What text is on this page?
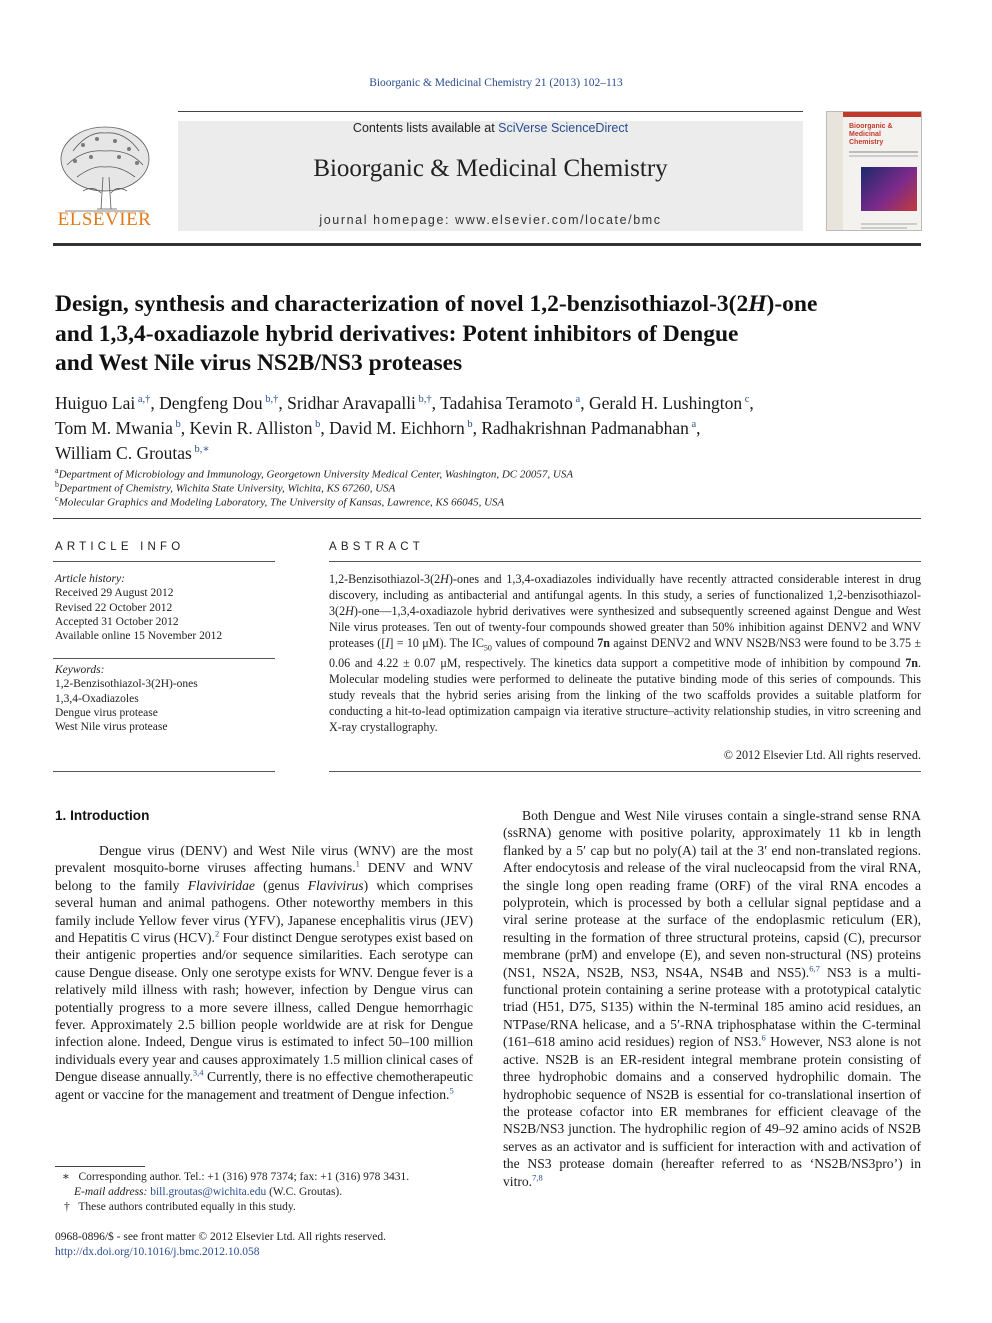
Bioorganic & Medicinal Chemistry 21 (2013) 102–113
ELSEVIER
Contents lists available at SciVerse ScienceDirect
Bioorganic & Medicinal Chemistry
journal homepage: www.elsevier.com/locate/bmc
Bioorganic & Medicinal
Chemistry
Design, synthesis and characterization of novel 1,2-benzisothiazol-3(2H)-one
and 1,3,4-oxadiazole hybrid derivatives: Potent inhibitors of Dengue
and West Nile virus NS2B/NS3 proteases
Huiguo Lai $^{a,\dagger}$, Dengfeng Dou $^{b,\dagger}$, Sridhar Aravapalli $^{b,\dagger}$, Tadahisa Teramoto $^a$, Gerald H. Lushington $^c$,
Tom M. Mwania $^b$, Kevin R. Alliston $^b$, David M. Eichhorn $^b$, Radhakrishnan Padmanabhan $^a$,
William C. Groutas $^{b,∗}$
$^a$Department of Microbiology and Immunology, Georgetown University Medical Center, Washington, DC 20057, USA
$^b$Department of Chemistry, Wichita State University, Wichita, KS 67260, USA
$^c$Molecular Graphics and Modeling Laboratory, The University of Kansas, Lawrence, KS 66045, USA
ARTICLE INFO
Article history:
Received 29 August 2012
Revised 22 October 2012
Accepted 31 October 2012
Available online 15 November 2012
Keywords:
1,2-Benzisothiazol-3(2H)-ones
1,3,4-Oxadiazoles
Dengue virus protease
West Nile virus protease
ABSTRACT
1,2-Benzisothiazol-3(2H)-ones and 1,3,4-oxadiazoles individually have recently attracted considerable interest in drug discovery, including as antibacterial and antifungal agents. In this study, a series of functionalized 1,2-benzisothiazol-3(2H)-one—1,3,4-oxadiazole hybrid derivatives were synthesized and subsequently screened against Dengue and West Nile virus proteases. Ten out of twenty-four compounds showed greater than 50% inhibition against DENV2 and WNV proteases ([I] = 10 μM). The $IC_{50}$ values of compound 7n against DENV2 and WNV NS2B/NS3 were found to be 3.75 ± 0.06 and 4.22 ± 0.07 μM, respectively. The kinetics data support a competitive mode of inhibition by compound 7n. Molecular modeling studies were performed to delineate the putative binding mode of this series of compounds. This study reveals that the hybrid series arising from the linking of the two scaffolds provides a suitable platform for conducting a hit-to-lead optimization campaign via iterative structure–activity relationship studies, in vitro screening and X-ray crystallography.
© 2012 Elsevier Ltd. All rights reserved.
1. Introduction
Dengue virus (DENV) and West Nile virus (WNV) are the most prevalent mosquito-borne viruses affecting humans.$^1$ DENV and WNV belong to the family Flaviviridae (genus Flavivirus) which comprises several human and animal pathogens. Other noteworthy members in this family include Yellow fever virus (YFV), Japanese encephalitis virus (JEV) and Hepatitis C virus (HCV).$^2$ Four distinct Dengue serotypes exist based on their antigenic properties and/or sequence similarities. Each serotype can cause Dengue disease. Only one serotype exists for WNV. Dengue fever is a relatively mild illness with rash; however, infection by Dengue virus can potentially progress to a more severe illness, called Dengue hemorrhagic fever. Approximately 2.5 billion people worldwide are at risk for Dengue infection alone. Indeed, Dengue virus is estimated to infect 50–100 million individuals every year and causes approximately 1.5 million clinical cases of Dengue disease annually.$^{3,4}$ Currently, there is no effective chemotherapeutic agent or vaccine for the management and treatment of Dengue infection.$^5$
Both Dengue and West Nile viruses contain a single-strand sense RNA (ssRNA) genome with positive polarity, approximately 11 kb in length flanked by a 5′ cap but no poly(A) tail at the 3′ end non-translated regions. After endocytosis and release of the viral nucleocapsid from the viral RNA, the single long open reading frame (ORF) of the viral RNA encodes a polyprotein, which is processed by both a cellular signal peptidase and a viral serine protease at the surface of the endoplasmic reticulum (ER), resulting in the formation of three structural proteins, capsid (C), precursor membrane (prM) and envelope (E), and seven non-structural (NS) proteins (NS1, NS2A, NS2B, NS3, NS4A, NS4B and NS5).$^{6,7}$ NS3 is a multi-functional protein containing a serine protease with a prototypical catalytic triad (H51, D75, S135) within the N-terminal 185 amino acid residues, an NTPase/RNA helicase, and a 5′-RNA triphosphatase within the C-terminal (161–618 amino acid residues) region of NS3.$^6$ However, NS3 alone is not active. NS2B is an ER-resident integral membrane protein consisting of three hydrophobic domains and a conserved hydrophilic domain. The hydrophobic sequence of NS2B is essential for co-translational insertion of the protease cofactor into ER membranes for efficient cleavage of the NS2B/NS3 junction. The hydrophilic region of 49–92 amino acids of NS2B serves as an activator and is sufficient for interaction with and activation of the NS3 protease domain (hereafter referred to as ‘NS2B/NS3pro’) in vitro.$^{7,8}$
∗ Corresponding author. Tel.: +1 (316) 978 7374; fax: +1 (316) 978 3431.
E-mail address: bill.groutas@wichita.edu (W.C. Groutas).
† These authors contributed equally in this study.
0968-0896/$ - see front matter © 2012 Elsevier Ltd. All rights reserved.
http://dx.doi.org/10.1016/j.bmc.2012.10.058
